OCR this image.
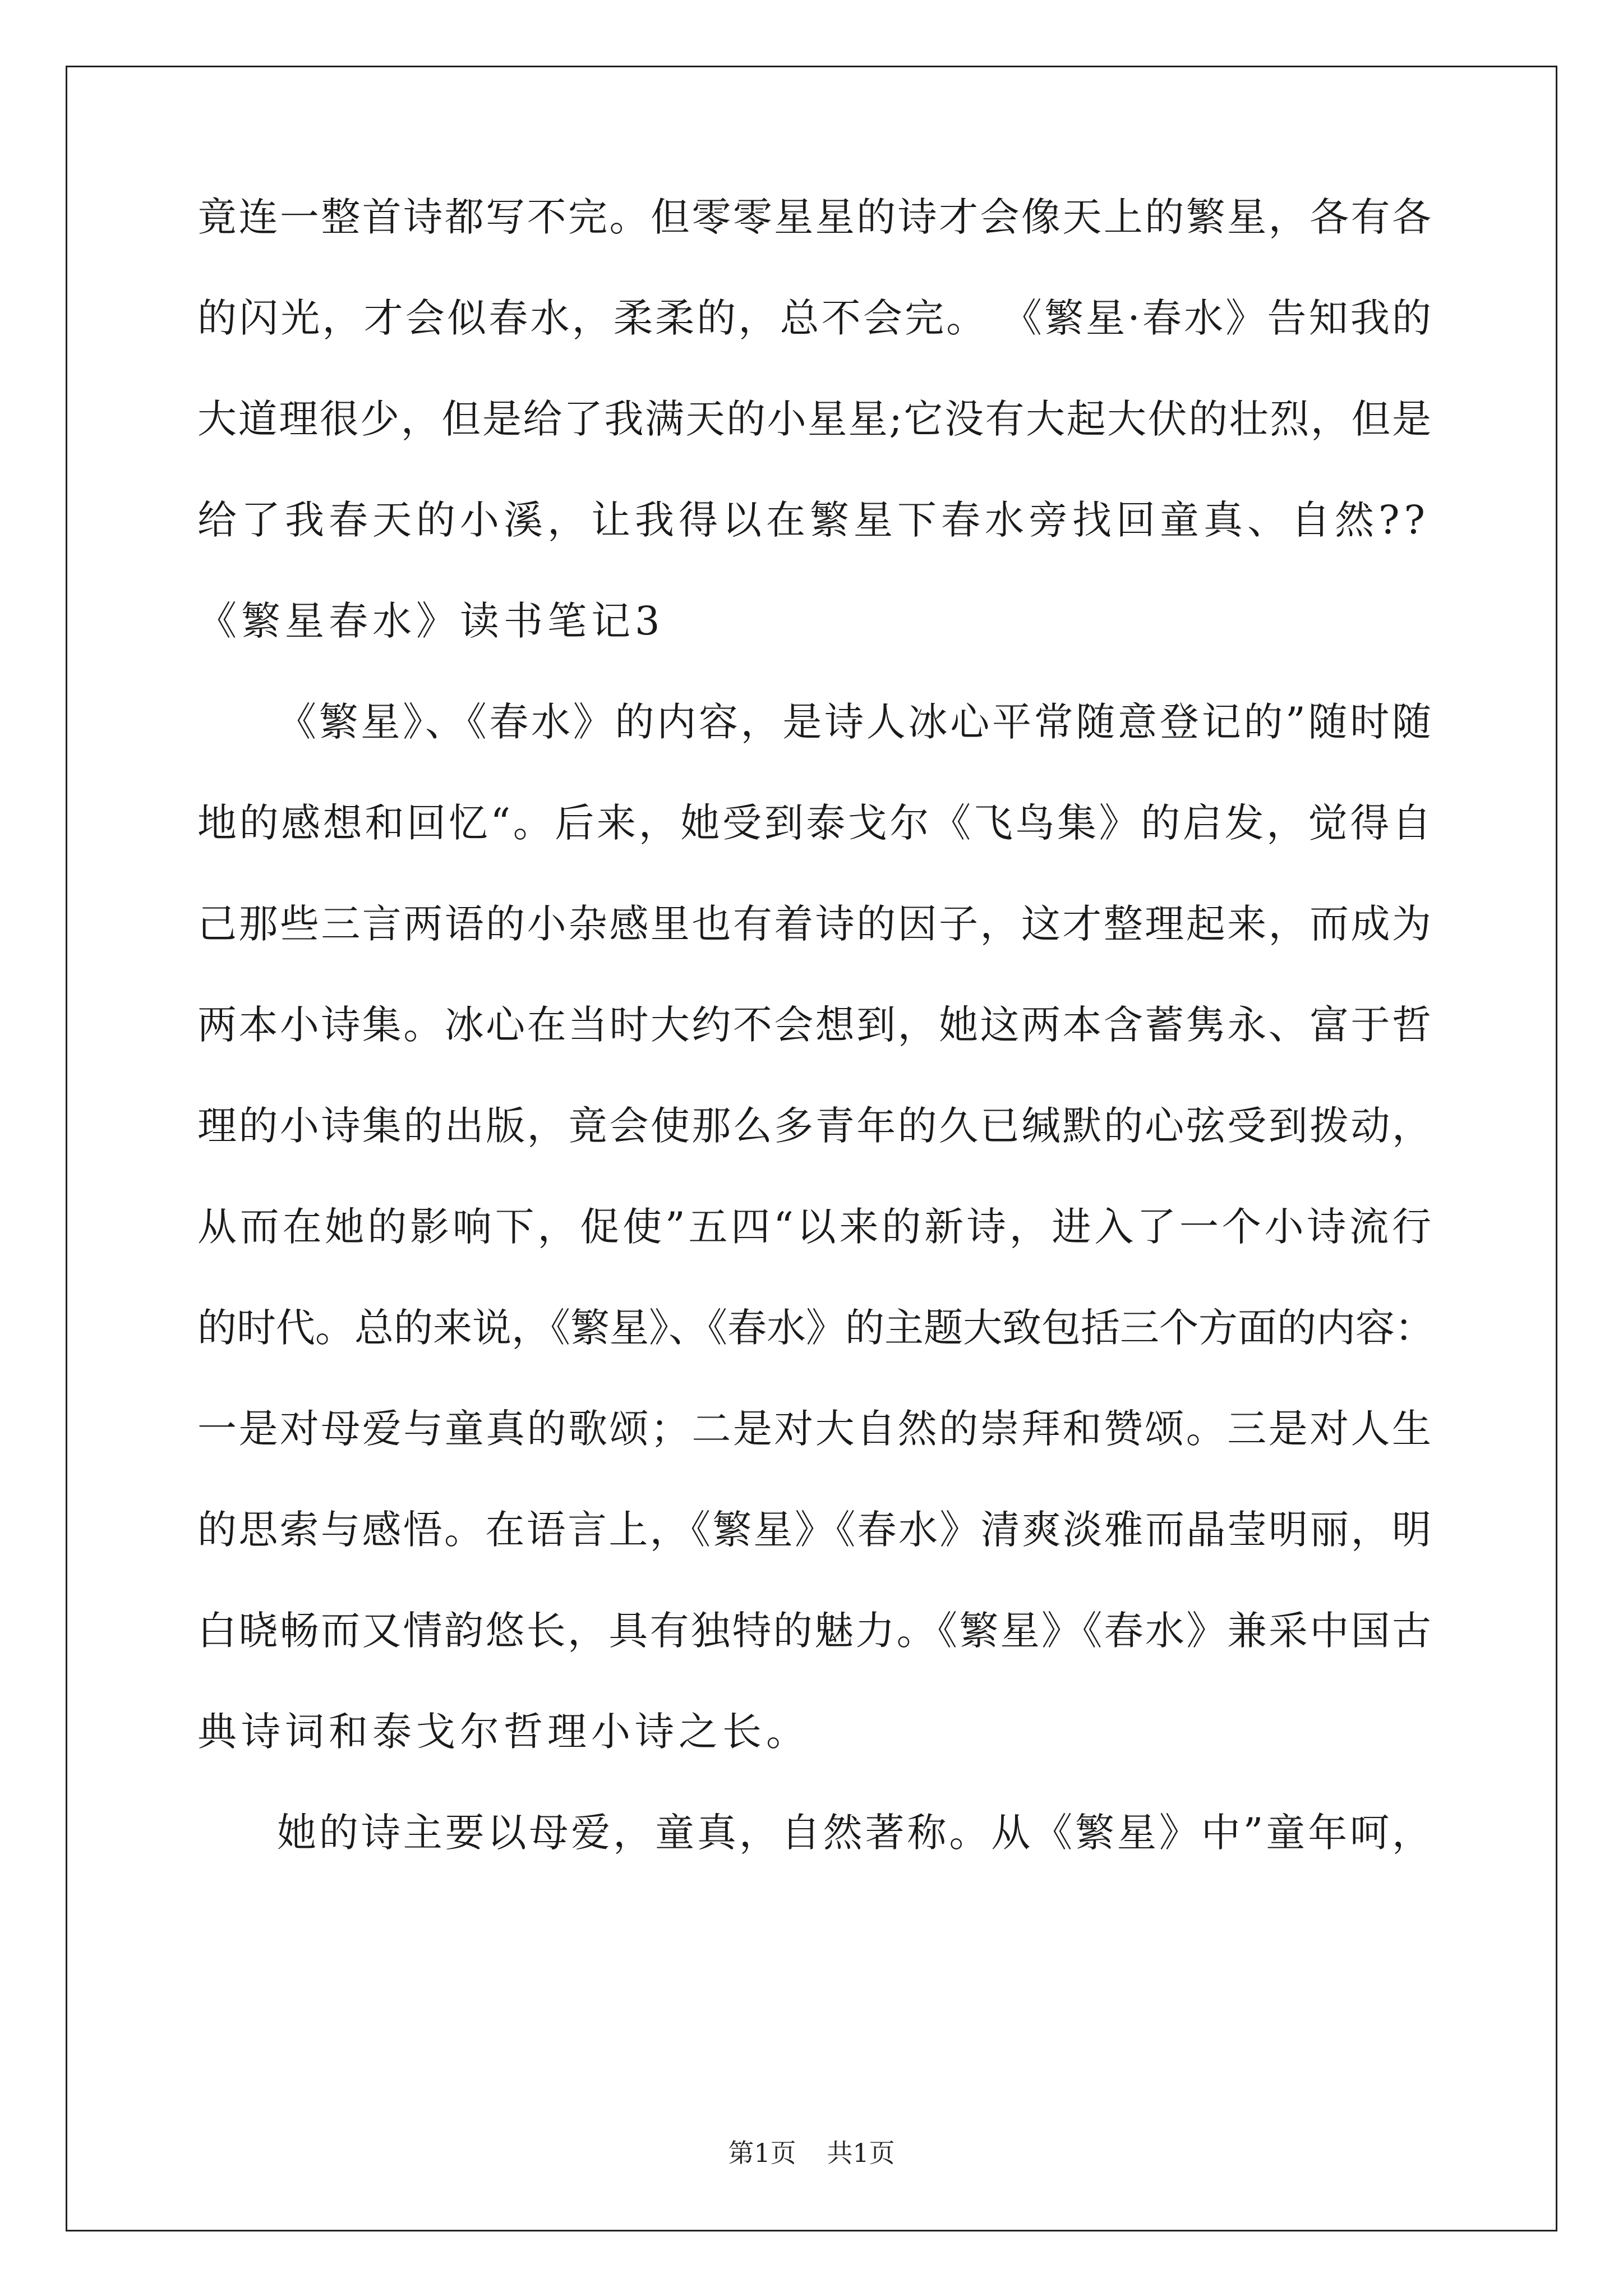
竟连一整首诗都写不完。但零零星星的诗才会像天上的繁星，各有各
的闪光，才会似春水，柔柔的，总不会完。 《繁星·春水》告知我的
大道理很少，但是给了我满天的小星星;它没有大起大伏的壮烈，但是
给了我春天的小溪，让我得以在繁星下春水旁找回童真、自然??
《繁星春水》读书笔记3
《繁星》、《春水》的内容，是诗人冰心平常随意登记的”随时随
地的感想和回忆“。后来，她受到泰戈尔《飞鸟集》的启发，觉得自
己那些三言两语的小杂感里也有着诗的因子，这才整理起来，而成为
两本小诗集。冰心在当时大约不会想到，她这两本含蓄隽永、富于哲
理的小诗集的出版，竟会使那么多青年的久已缄默的心弦受到拨动，
从而在她的影响下，促使”五四“以来的新诗，进入了一个小诗流行
的时代。总的来说，《繁星》、《春水》的主题大致包括三个方面的内容：
一是对母爱与童真的歌颂；二是对大自然的崇拜和赞颂。三是对人生
的思索与感悟。在语言上，《繁星》《春水》清爽淡雅而晶莹明丽，明
白晓畅而又情韵悠长，具有独特的魅力。《繁星》《春水》兼采中国古
典诗词和泰戈尔哲理小诗之长。
她的诗主要以母爱，童真，自然著称。从《繁星》中”童年呵，
第1页 共1页
